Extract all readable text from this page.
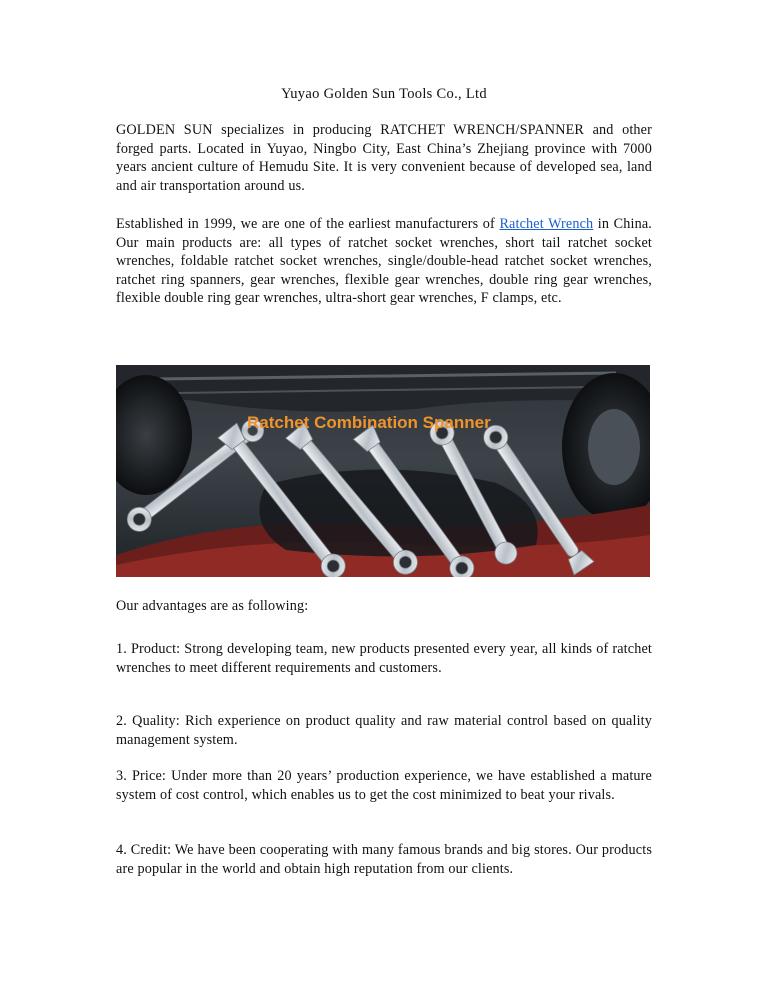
Yuyao Golden Sun Tools Co., Ltd
GOLDEN SUN specializes in producing RATCHET WRENCH/SPANNER and other forged parts. Located in Yuyao, Ningbo City, East China’s Zhejiang province with 7000 years ancient culture of Hemudu Site. It is very convenient because of developed sea, land and air transportation around us.
Established in 1999, we are one of the earliest manufacturers of Ratchet Wrench in China. Our main products are: all types of ratchet socket wrenches, short tail ratchet socket wrenches, foldable ratchet socket wrenches, single/double-head ratchet socket wrenches, ratchet ring spanners, gear wrenches, flexible gear wrenches, double ring gear wrenches, flexible double ring gear wrenches, ultra-short gear wrenches, F clamps, etc.
Ratchet Combination Spanner
Our advantages are as following:
1. Product: Strong developing team, new products presented every year, all kinds of ratchet wrenches to meet different requirements and customers.
2. Quality: Rich experience on product quality and raw material control based on quality management system.
3. Price: Under more than 20 years’ production experience, we have established a mature system of cost control, which enables us to get the cost minimized to beat your rivals.
4. Credit: We have been cooperating with many famous brands and big stores. Our products are popular in the world and obtain high reputation from our clients.
